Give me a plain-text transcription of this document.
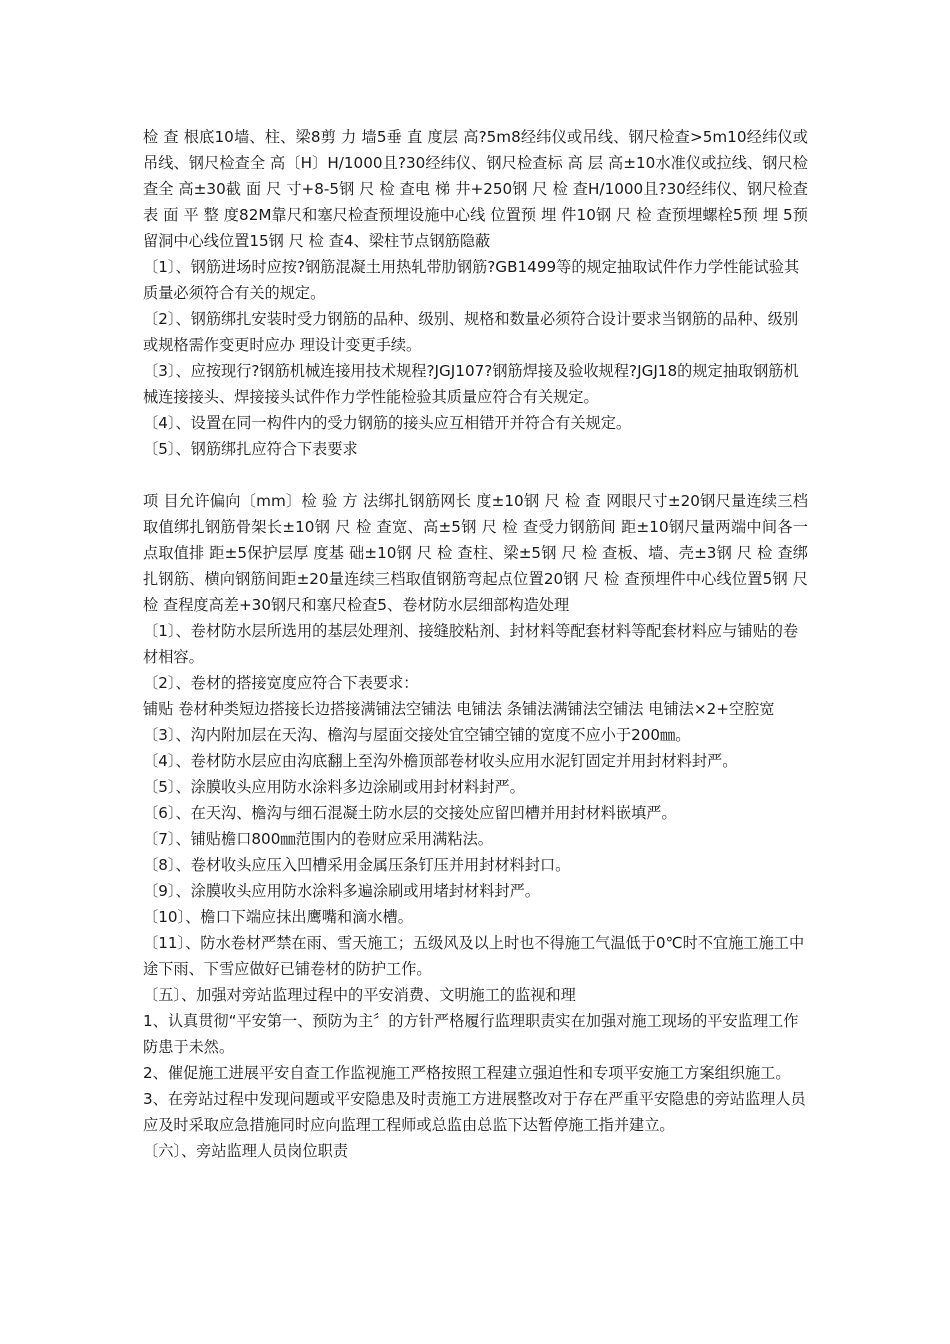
检 查 根底10墙、柱、梁8剪 力 墙5垂 直 度层 高?5m8经纬仪或吊线、钢尺检查>5m10经纬仪或吊线、钢尺检查全 高〔H〕H/1000且?30经纬仪、钢尺检查标 高 层 高±10水准仪或拉线、钢尺检查全 高±30截 面 尺 寸+8-5钢 尺 检 查电 梯 井+250钢 尺 检 查H/1000且?30经纬仪、钢尺检查表 面 平 整 度82M靠尺和塞尺检查预埋设施中心线 位置预 埋 件10钢 尺 检 查预埋螺栓5预 埋 5预留洞中心线位置15钢 尺 检 查4、梁柱节点钢筋隐蔽

〔1〕、钢筋进场时应按?钢筋混凝土用热轧带肋钢筋?GB1499等的规定抽取试件作力学性能试验其质量必须符合有关的规定。

〔2〕、钢筋绑扎安装时受力钢筋的品种、级别、规格和数量必须符合设计要求当钢筋的品种、级别或规格需作变更时应办 理设计变更手续。

〔3〕、应按现行?钢筋机械连接用技术规程?JGJ107?钢筋焊接及验收规程?JGJ18的规定抽取钢筋机械连接接头、焊接接头试件作力学性能检验其质量应符合有关规定。

〔4〕、设置在同一构件内的受力钢筋的接头应互相错开并符合有关规定。

〔5〕、钢筋绑扎应符合下表要求

项 目允许偏向〔mm〕检 验 方 法绑扎钢筋网长 度±10钢 尺 检 查 网眼尺寸±20钢尺量连续三档取值绑扎钢筋骨架长±10钢 尺 检 查宽、高±5钢 尺 检 查受力钢筋间 距±10钢尺量两端中间各一点取值排 距±5保护层厚 度基 础±10钢 尺 检 查柱、梁±5钢 尺 检 查板、墙、壳±3钢 尺 检 查绑扎钢筋、横向钢筋间距±20量连续三档取值钢筋弯起点位置20钢 尺 检 查预埋件中心线位置5钢 尺 检 查程度高差+30钢尺和塞尺检查5、卷材防水层细部构造处理

〔1〕、卷材防水层所选用的基层处理剂、接缝胶粘剂、封材料等配套材料等配套材料应与铺贴的卷材相容。

〔2〕、卷材的搭接宽度应符合下表要求：

铺贴 卷材种类短边搭接长边搭接满铺法空铺法 电铺法 条铺法满铺法空铺法 电铺法×2+空腔宽〔3〕、沟内附加层在天沟、檐沟与屋面交接处宜空铺空铺的宽度不应小于200㎜。

〔4〕、卷材防水层应由沟底翻上至沟外檐顶部卷材收头应用水泥钉固定并用封材料封严。

〔5〕、涂膜收头应用防水涂料多边涂刷或用封材料封严。

〔6〕、在天沟、檐沟与细石混凝土防水层的交接处应留凹槽并用封材料嵌填严。

〔7〕、铺贴檐口800㎜范围内的卷财应采用满粘法。

〔8〕、卷材收头应压入凹槽采用金属压条钉压并用封材料封口。

〔9〕、涂膜收头应用防水涂料多遍涂刷或用堵封材料封严。

〔10〕、檐口下端应抹出鹰嘴和滴水槽。

〔11〕、防水卷材严禁在雨、雪天施工；五级风及以上时也不得施工气温低于0℃时不宜施工施工中途下雨、下雪应做好已铺卷材的防护工作。

〔五〕、加强对旁站监理过程中的平安消费、文明施工的监视和理

1、认真贯彻“平安第一、预防为主〞的方针严格履行监理职责实在加强对施工现场的平安监理工作防患于未然。

2、催促施工进展平安自查工作监视施工严格按照工程建立强迫性和专项平安施工方案组织施工。

3、在旁站过程中发现问题或平安隐患及时责施工方进展整改对于存在严重平安隐患的旁站监理人员应及时采取应急措施同时应向监理工程师或总监由总监下达暂停施工指并建立。

〔六〕、旁站监理人员岗位职责
